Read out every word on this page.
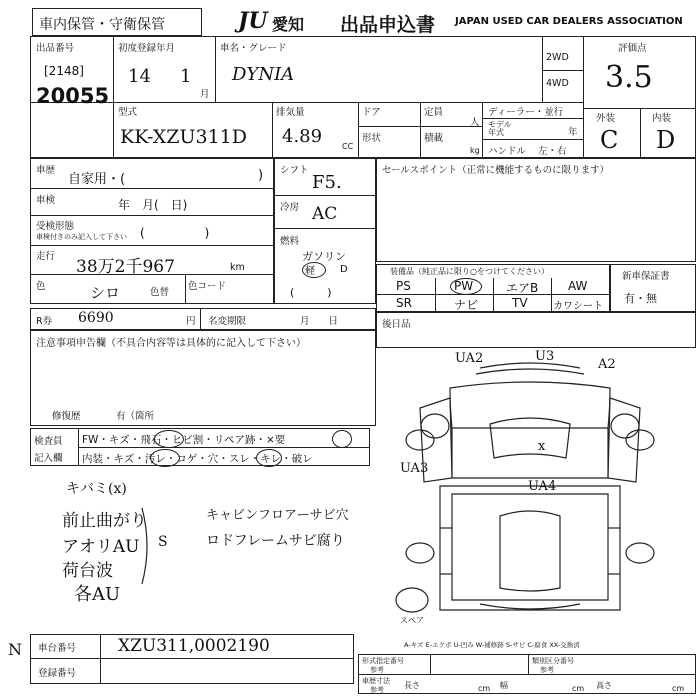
車内保管・守衛保管	JU 愛知 出品申込書 JAPAN USED CAR DEALERS ASSOCIATION
出品番号
[2148]
20055
初度登録年月
14 1
月
車名・グレード
DYNIA
2WD
4WD
評価点
3.5
型式
KK-XZU311D
排気量
4.89 CC
ドア	定員
人
形状	積載
kg
ディーラー・並行
モデル年式	年
ハンドル 左・右
外装	内装
C D
車歴
自家用・(	)
車検	年　月(　日)
受検形態
車検付きのみ記入して下さい (　　　　　)
走行
38万2千967	km
色	シロ	色替
色コード
シフト
F5.
冷房 AC
燃料
ガソリン
軽	D
(　　　)
セールスポイント（正常に機能するものに限ります）
装備品（純正品に限り○をつけてください）
PS	PW	エアB AW
SR	ナビ	TV	カワシート
新車保証書
有・無
R券 6690	円 名変期限	月　　日	後日品
注意事項申告欄（不具合内容等は具体的に記入して下さい）
修復歴	有（箇所
検査員
記入欄
FW・キズ・飛石・ヒビ割・リペア跡・×要
内装・キズ・汚レ・コゲ・穴・スレ・キレ・破レ
キバミ(x)
前止曲がり
アオリAU
荷台波
各AU
S
キャビンフロアーサビ穴
ロドフレームサビ腐り
UA2	U3
A2
x
UA3
UA4
スペア
A-キズ E-エクボ U-凹み W-補修跡 S-サビ C-腐食 XX-交換済
車台番号 XZU311,0002190
登録番号
N
形式指定番号
参考
類別区分番号
参考
車歴寸法
参考	長さ	cm 幅	cm 高さ	cm
